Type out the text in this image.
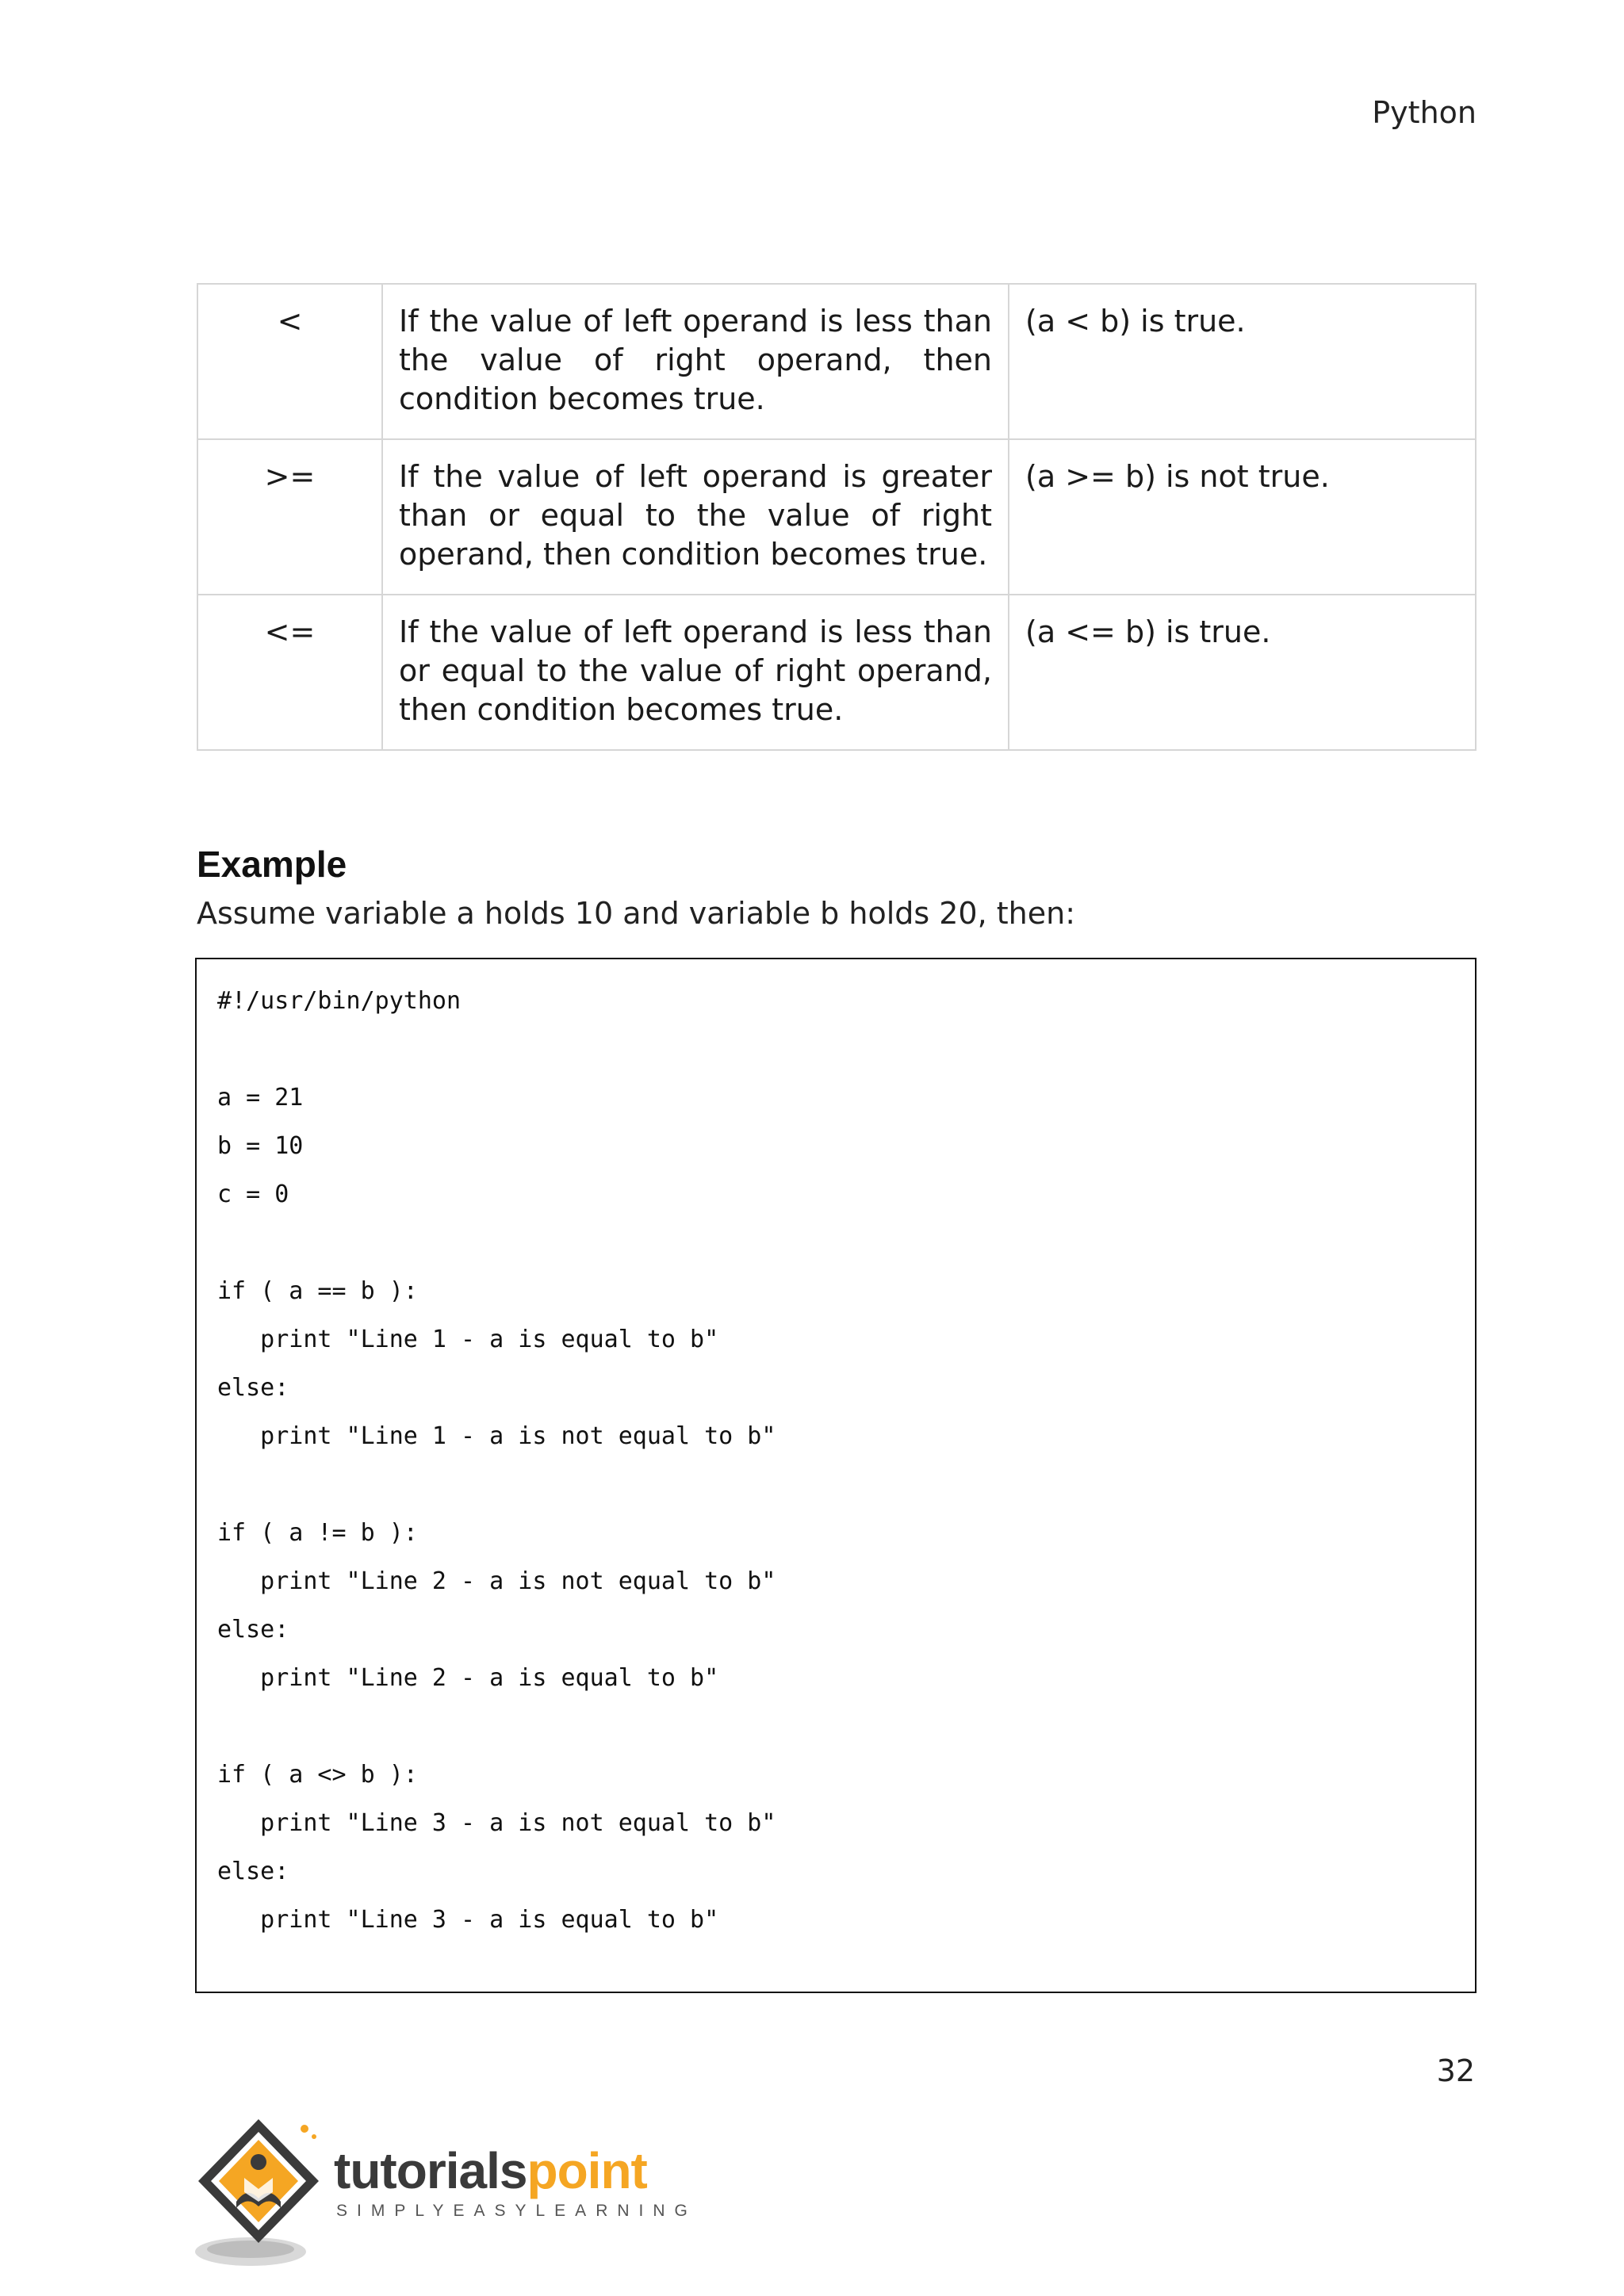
Python
<	If the value of left operand is less than the value of right operand, then condition becomes true.	(a < b) is true.
>=	If the value of left operand is greater than or equal to the value of right operand, then condition becomes true.	(a >= b) is not true.
<=	If the value of left operand is less than or equal to the value of right operand, then condition becomes true.	(a <= b) is true.
Example

Assume variable a holds 10 and variable b holds 20, then:

#!/usr/bin/python
a = 21
b = 10
c = 0
if ( a == b ):
print "Line 1 - a is equal to b"
else:
print "Line 1 - a is not equal to b"
if ( a != b ):
print "Line 2 - a is not equal to b"
else:
print "Line 2 - a is equal to b"
if ( a <> b ):
print "Line 3 - a is not equal to b"
else:
print "Line 3 - a is equal to b"
32
tutorialspoint
SIMPLYEASYLEARNING
